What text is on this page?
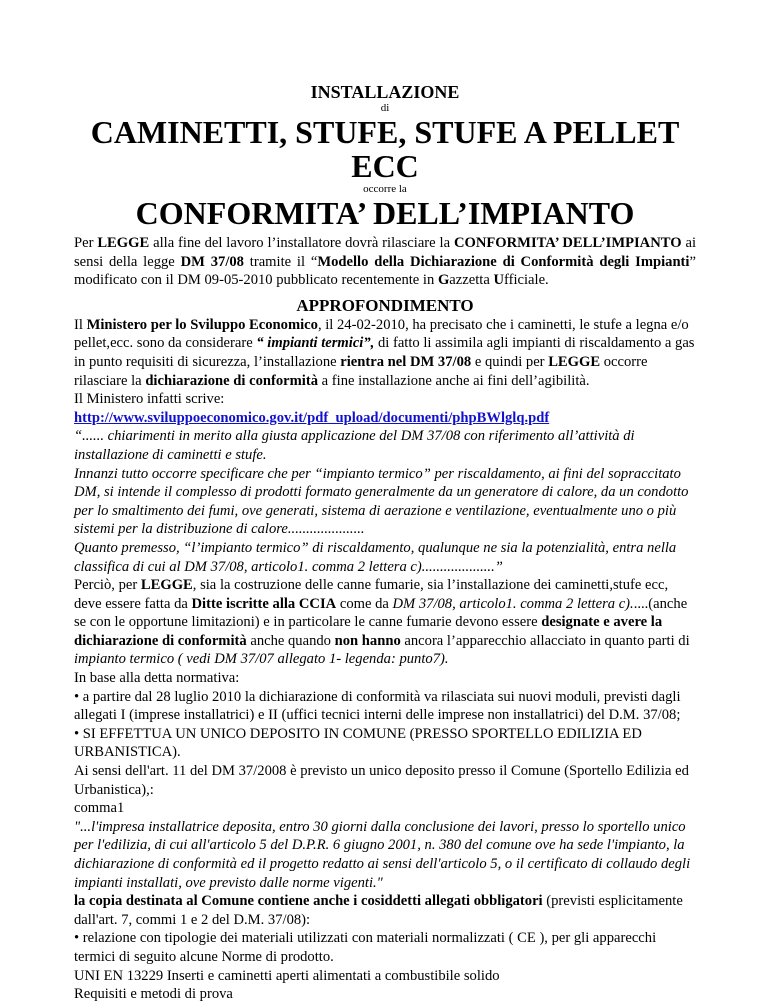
INSTALLAZIONE
di
CAMINETTI, STUFE, STUFE A PELLET ECC
occorre la
CONFORMITA’ DELL’IMPIANTO

Per LEGGE alla fine del lavoro l’installatore dovrà rilasciare la CONFORMITA’ DELL’IMPIANTO ai sensi della legge DM 37/08 tramite il “Modello della Dichiarazione di Conformità degli Impianti” modificato con il DM 09-05-2010 pubblicato recentemente in Gazzetta Ufficiale.

APPROFONDIMENTO

Il Ministero per lo Sviluppo Economico, il 24-02-2010, ha precisato che i caminetti, le stufe a legna e/o pellet,ecc. sono da considerare “ impianti termici”, di fatto li assimila agli impianti di riscaldamento a gas in punto requisiti di sicurezza, l’installazione rientra nel DM 37/08 e quindi per LEGGE occorre rilasciare la dichiarazione di conformità a fine installazione anche ai fini dell’agibilità.

Il Ministero infatti scrive:

http://www.sviluppoeconomico.gov.it/pdf_upload/documenti/phpBWlglq.pdf

“...... chiarimenti in merito alla giusta applicazione del DM 37/08 con riferimento all’attività di installazione di caminetti e stufe.

Innanzi tutto occorre specificare che per “impianto termico” per riscaldamento, ai fini del sopraccitato DM, si intende il complesso di prodotti formato generalmente da un generatore di calore, da un condotto per lo smaltimento dei fumi, ove generati, sistema di aerazione e ventilazione, eventualmente uno o più sistemi per la distribuzione di calore.....................

Quanto premesso, “l’impianto termico” di riscaldamento, qualunque ne sia la potenzialità, entra nella classifica di cui al DM 37/08, articolo1. comma 2 lettera c)....................”

Perciò, per LEGGE, sia la costruzione delle canne fumarie, sia l’installazione dei caminetti,stufe ecc, deve essere fatta da Ditte iscritte alla CCIA come da DM 37/08, articolo1. comma 2 lettera c).....(anche se con le opportune limitazioni) e in particolare le canne fumarie devono essere designate e avere la dichiarazione di conformità anche quando non hanno ancora l’apparecchio allacciato in quanto parti di impianto termico ( vedi DM 37/07 allegato 1- legenda: punto7).

In base alla detta normativa:

• a partire dal 28 luglio 2010 la dichiarazione di conformità va rilasciata sui nuovi moduli, previsti dagli allegati I (imprese installatrici) e II (uffici tecnici interni delle imprese non installatrici) del D.M. 37/08;

• SI EFFETTUA UN UNICO DEPOSITO IN COMUNE (PRESSO SPORTELLO EDILIZIA ED URBANISTICA).

Ai sensi dell'art. 11 del DM 37/2008 è previsto un unico deposito presso il Comune (Sportello Edilizia ed Urbanistica),:

comma1

"...l'impresa installatrice deposita, entro 30 giorni dalla conclusione dei lavori, presso lo sportello unico per l'edilizia, di cui all'articolo 5 del D.P.R. 6 giugno 2001, n. 380 del comune ove ha sede l'impianto, la dichiarazione di conformità ed il progetto redatto ai sensi dell'articolo 5, o il certificato di collaudo degli impianti installati, ove previsto dalle norme vigenti."

la copia destinata al Comune contiene anche i cosiddetti allegati obbligatori (previsti esplicitamente dall'art. 7, commi 1 e 2 del D.M. 37/08):

• relazione con tipologie dei materiali utilizzati con materiali normalizzati ( CE ), per gli apparecchi termici di seguito alcune Norme di prodotto.

UNI EN 13229 Inserti e caminetti aperti alimentati a combustibile solido

Requisiti e metodi di prova
